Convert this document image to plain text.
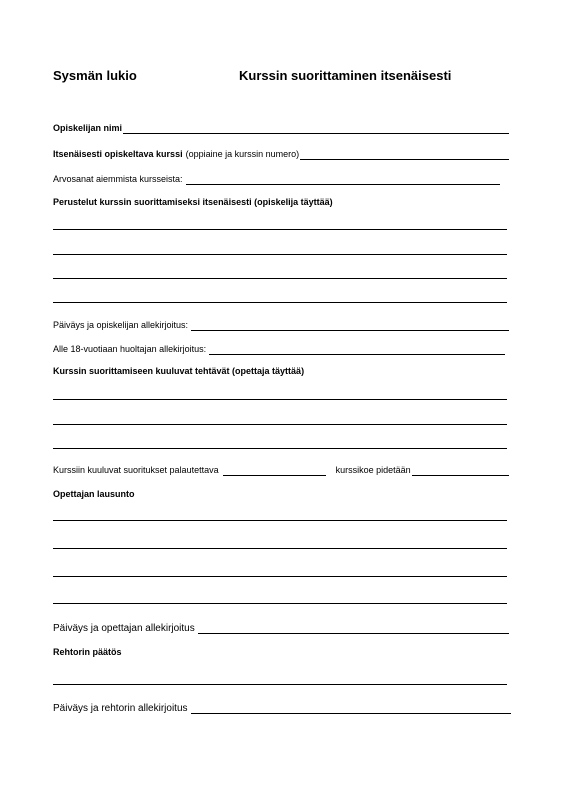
Sysmän lukio	Kurssin suorittaminen itsenäisesti
Opiskelijan nimi
Itsenäisesti opiskeltava kurssi (oppiaine ja kurssin numero)
Arvosanat aiemmista kursseista:
Perustelut kurssin suorittamiseksi itsenäisesti (opiskelija täyttää)
Päiväys ja opiskelijan allekirjoitus:
Alle 18-vuotiaan huoltajan allekirjoitus:
Kurssin suorittamiseen kuuluvat tehtävät (opettaja täyttää)
Kurssiin kuuluvat suoritukset palautettava	kurssikoe pidetään
Opettajan lausunto
Päiväys ja opettajan allekirjoitus
Rehtorin päätös
Päiväys ja rehtorin allekirjoitus
